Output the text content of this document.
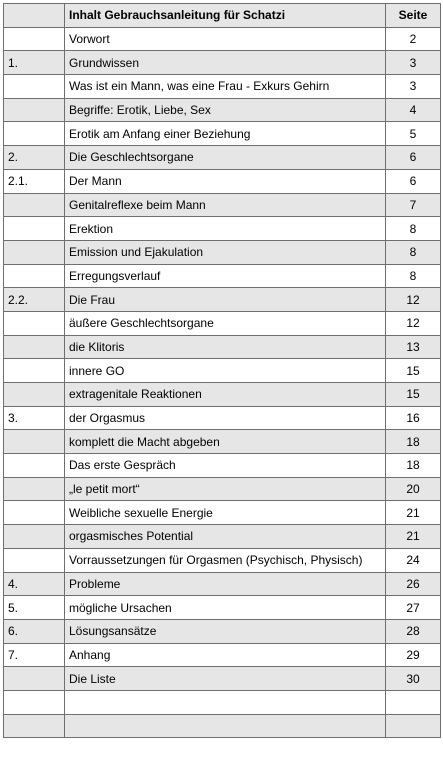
	Inhalt Gebrauchsanleitung für Schatzi	Seite
	Vorwort	2
1.	Grundwissen	3
	Was ist ein Mann, was eine Frau - Exkurs Gehirn	3
	Begriffe: Erotik, Liebe, Sex	4
	Erotik am Anfang einer Beziehung	5
2.	Die Geschlechtsorgane	6
2.1.	Der Mann	6
	Genitalreflexe beim Mann	7
	Erektion	8
	Emission und Ejakulation	8
	Erregungsverlauf	8
2.2.	Die Frau	12
	äußere Geschlechtsorgane	12
	die Klitoris	13
	innere GO	15
	extragenitale Reaktionen	15
3.	der Orgasmus	16
	komplett die Macht abgeben	18
	Das erste Gespräch	18
	„le petit mort“	20
	Weibliche sexuelle Energie	21
	orgasmisches Potential	21
	Vorraussetzungen für Orgasmen (Psychisch, Physisch)	24
4.	Probleme	26
5.	mögliche Ursachen	27
6.	Lösungsansätze	28
7.	Anhang	29
	Die Liste	30
